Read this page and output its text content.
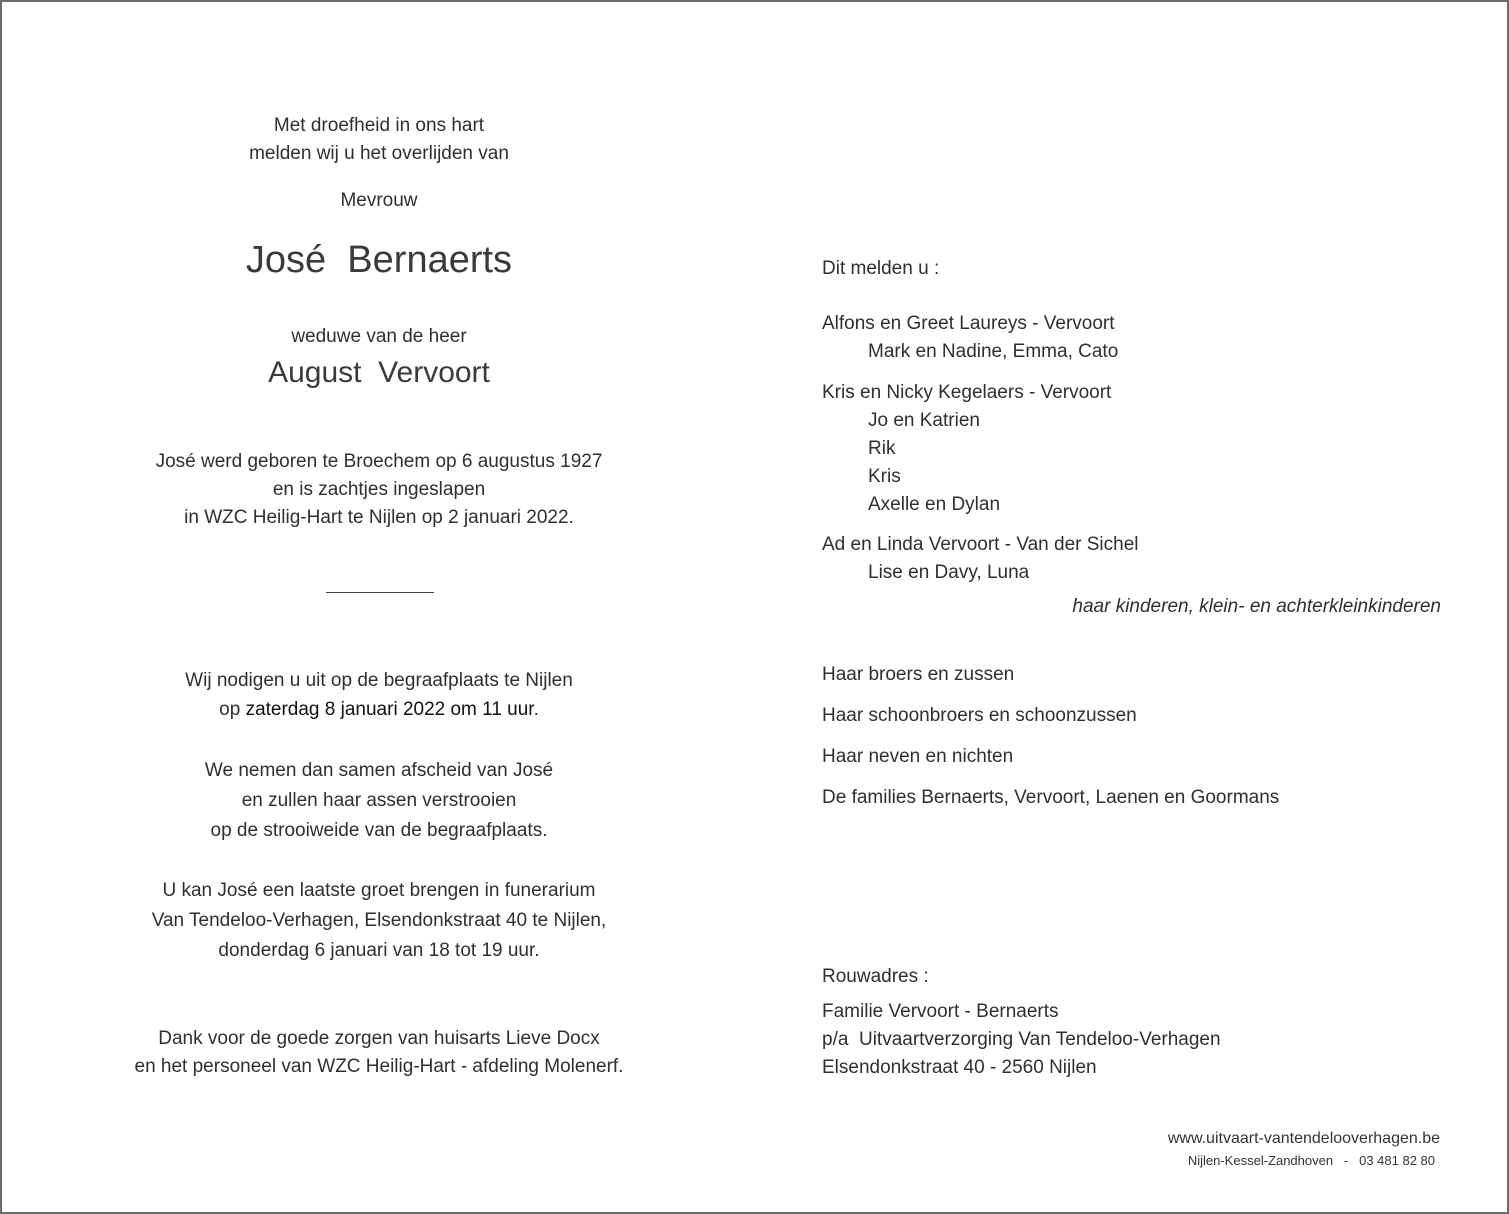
Met droefheid in ons hart
melden wij u het overlijden van
Mevrouw
José  Bernaerts
weduwe van de heer
August  Vervoort
José werd geboren te Broechem op 6 augustus 1927
en is zachtjes ingeslapen
in WZC Heilig-Hart te Nijlen op 2 januari 2022.
Wij nodigen u uit op de begraafplaats te Nijlen
op zaterdag 8 januari 2022 om 11 uur.
We nemen dan samen afscheid van José
en zullen haar assen verstrooien
op de strooiweide van de begraafplaats.
U kan José een laatste groet brengen in funerarium
Van Tendeloo-Verhagen, Elsendonkstraat 40 te Nijlen,
donderdag 6 januari van 18 tot 19 uur.
Dank voor de goede zorgen van huisarts Lieve Docx
en het personeel van WZC Heilig-Hart - afdeling Molenerf.
Dit melden u :
Alfons en Greet Laureys - Vervoort
Mark en Nadine, Emma, Cato
Kris en Nicky Kegelaers - Vervoort
Jo en Katrien
Rik
Kris
Axelle en Dylan
Ad en Linda Vervoort - Van der Sichel
Lise en Davy, Luna
haar kinderen, klein- en achterkleinkinderen
Haar broers en zussen
Haar schoonbroers en schoonzussen
Haar neven en nichten
De families Bernaerts, Vervoort, Laenen en Goormans
Rouwadres :
Familie Vervoort - Bernaerts
p/a  Uitvaartverzorging Van Tendeloo-Verhagen
Elsendonkstraat 40 - 2560 Nijlen
www.uitvaart-vantendelooverhagen.be
Nijlen-Kessel-Zandhoven   -   03 481 82 80
